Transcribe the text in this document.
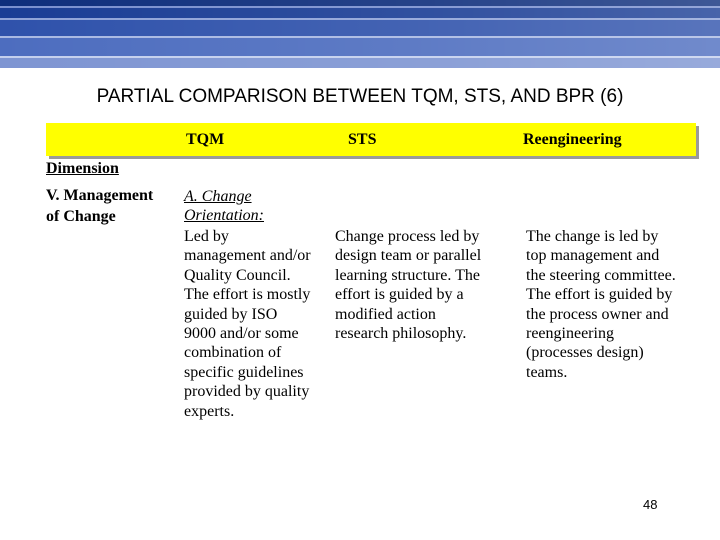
PARTIAL COMPARISON BETWEEN TQM, STS, AND BPR (6)
TQM	STS	Reengineering
Dimension
V. Management
of Change
A. Change
Orientation:
Led by
management and/or
Quality Council.
The effort is mostly
guided by ISO
9000 and/or some
combination of
specific guidelines
provided by quality
experts.
Change process led by
design team or parallel
learning structure. The
effort is guided by a
modified action
research philosophy.
The change is led by
top management and
the steering committee.
The effort is guided by
the process owner and
reengineering
(processes design)
teams.
48
